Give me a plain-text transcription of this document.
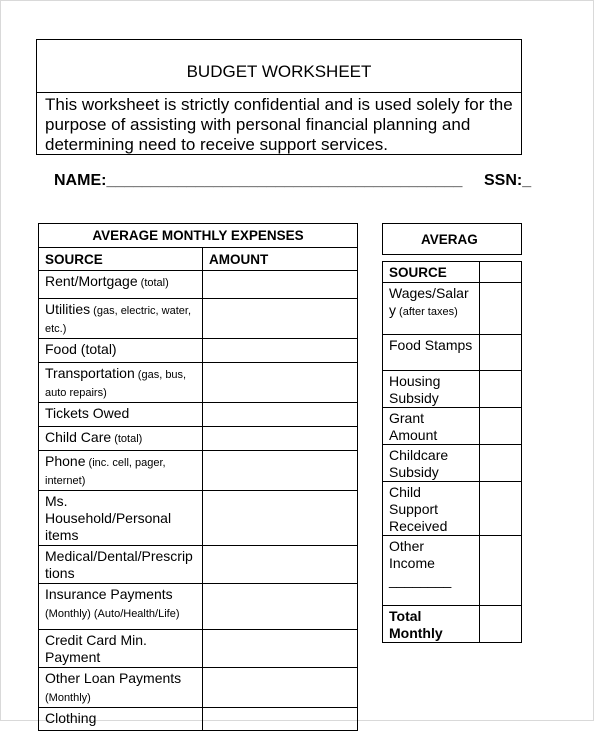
BUDGET WORKSHEET
This worksheet is strictly confidential and is used solely for the purpose of assisting with personal financial planning and determining need to receive support services.
NAME:________________________________________ SSN:_
AVERAGE MONTHLY EXPENSES	
SOURCE	AMOUNT
Rent/Mortgage (total)	
Utilities (gas, electric, water, etc.)	
Food (total)	
Transportation (gas, bus, auto repairs)	
Tickets Owed	
Child Care (total)	
Phone (inc. cell, pager, internet)	
Ms. Household/Personal items	
Medical/Dental/Prescriptions	
Insurance Payments (Monthly) (Auto/Health/Life)	
Credit Card Min. Payment	
Other Loan Payments (Monthly)	
Clothing	
AVERAG	

SOURCE	
Wages/Salary (after taxes)	
Food Stamps	
Housing Subsidy	
Grant Amount	
Childcare Subsidy	
Child Support Received	
Other Income ________	
Total Monthly	
